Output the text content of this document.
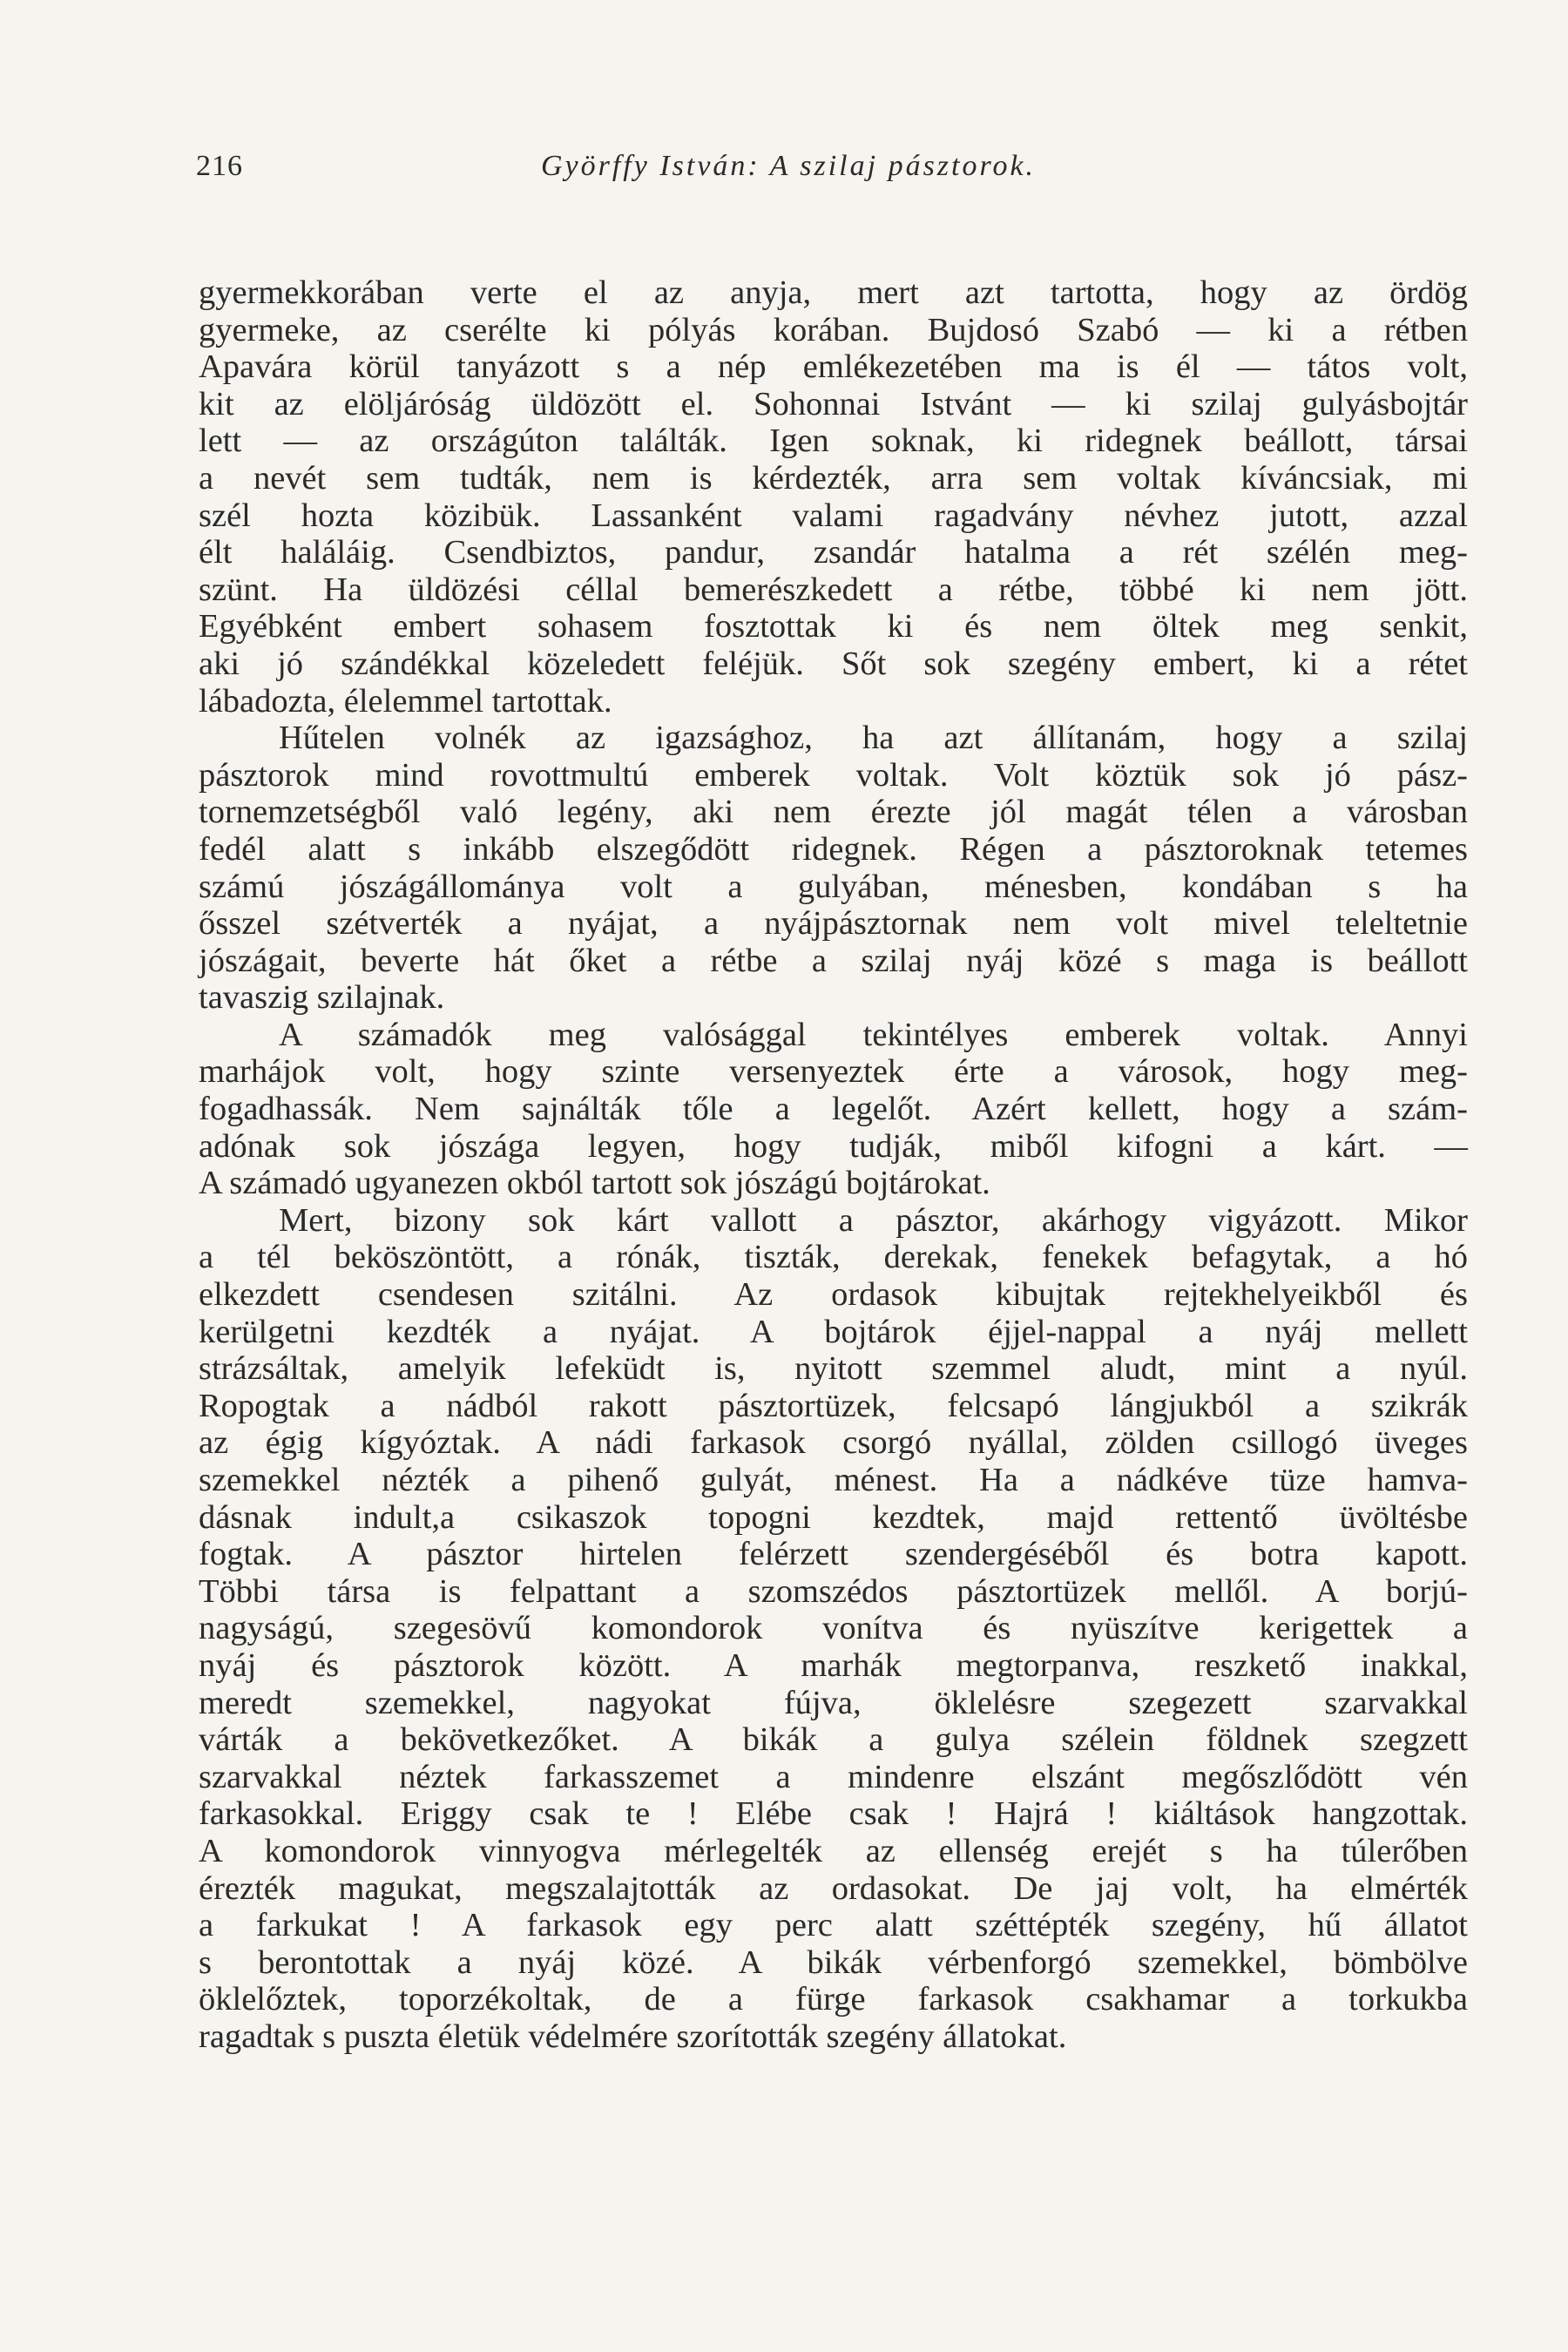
216	Györffy István: A szilaj pásztorok.
gyermekkorában verte el az anyja, mert azt tartotta, hogy az ördög
gyermeke, az cserélte ki pólyás korában. Bujdosó Szabó — ki a rétben
Apavára körül tanyázott s a nép emlékezetében ma is él — tátos volt,
kit az elöljáróság üldözött el. Sohonnai Istvánt — ki szilaj gulyásbojtár
lett — az országúton találták. Igen soknak, ki ridegnek beállott, társai
a nevét sem tudták, nem is kérdezték, arra sem voltak kíváncsiak, mi
szél hozta közibük. Lassanként valami ragadvány névhez jutott, azzal
élt haláláig. Csendbiztos, pandur, zsandár hatalma a rét szélén meg-
szünt. Ha üldözési céllal bemerészkedett a rétbe, többé ki nem jött.
Egyébként embert sohasem fosztottak ki és nem öltek meg senkit,
aki jó szándékkal közeledett feléjük. Sőt sok szegény embert, ki a rétet
lábadozta, élelemmel tartottak.
Hűtelen volnék az igazsághoz, ha azt állítanám, hogy a szilaj
pásztorok mind rovottmultú emberek voltak. Volt köztük sok jó pász-
tornemzetségből való legény, aki nem érezte jól magát télen a városban
fedél alatt s inkább elszegődött ridegnek. Régen a pásztoroknak tetemes
számú jószágállománya volt a gulyában, ménesben, kondában s ha
ősszel szétverték a nyájat, a nyájpásztornak nem volt mivel teleltetnie
jószágait, beverte hát őket a rétbe a szilaj nyáj közé s maga is beállott
tavaszig szilajnak.
A számadók meg valósággal tekintélyes emberek voltak. Annyi
marhájok volt, hogy szinte versenyeztek érte a városok, hogy meg-
fogadhassák. Nem sajnálták tőle a legelőt. Azért kellett, hogy a szám-
adónak sok jószága legyen, hogy tudják, miből kifogni a kárt. —
A számadó ugyanezen okból tartott sok jószágú bojtárokat.
Mert, bizony sok kárt vallott a pásztor, akárhogy vigyázott. Mikor
a tél beköszöntött, a rónák, tiszták, derekak, fenekek befagytak, a hó
elkezdett csendesen szitálni. Az ordasok kibujtak rejtekhelyeikből és
kerülgetni kezdték a nyájat. A bojtárok éjjel-nappal a nyáj mellett
strázsáltak, amelyik lefeküdt is, nyitott szemmel aludt, mint a nyúl.
Ropogtak a nádból rakott pásztortüzek, felcsapó lángjukból a szikrák
az égig kígyóztak. A nádi farkasok csorgó nyállal, zölden csillogó üveges
szemekkel nézték a pihenő gulyát, ménest. Ha a nádkéve tüze hamva-
dásnak indult,a csikaszok topogni kezdtek, majd rettentő üvöltésbe
fogtak. A pásztor hirtelen felérzett szendergéséből és botra kapott.
Többi társa is felpattant a szomszédos pásztortüzek mellől. A borjú-
nagyságú, szegesövű komondorok vonítva és nyüszítve kerigettek a
nyáj és pásztorok között. A marhák megtorpanva, reszkető inakkal,
meredt szemekkel, nagyokat fújva, öklelésre szegezett szarvakkal
várták a bekövetkezőket. A bikák a gulya szélein földnek szegzett
szarvakkal néztek farkasszemet a mindenre elszánt megőszlődött vén
farkasokkal. Eriggy csak te ! Elébe csak ! Hajrá ! kiáltások hangzottak.
A komondorok vinnyogva mérlegelték az ellenség erejét s ha túlerőben
érezték magukat, megszalajtották az ordasokat. De jaj volt, ha elmérték
a farkukat ! A farkasok egy perc alatt széttépték szegény, hű állatot
s berontottak a nyáj közé. A bikák vérbenforgó szemekkel, bömbölve
öklelőztek, toporzékoltak, de a fürge farkasok csakhamar a torkukba
ragadtak s puszta életük védelmére szorították szegény állatokat.
